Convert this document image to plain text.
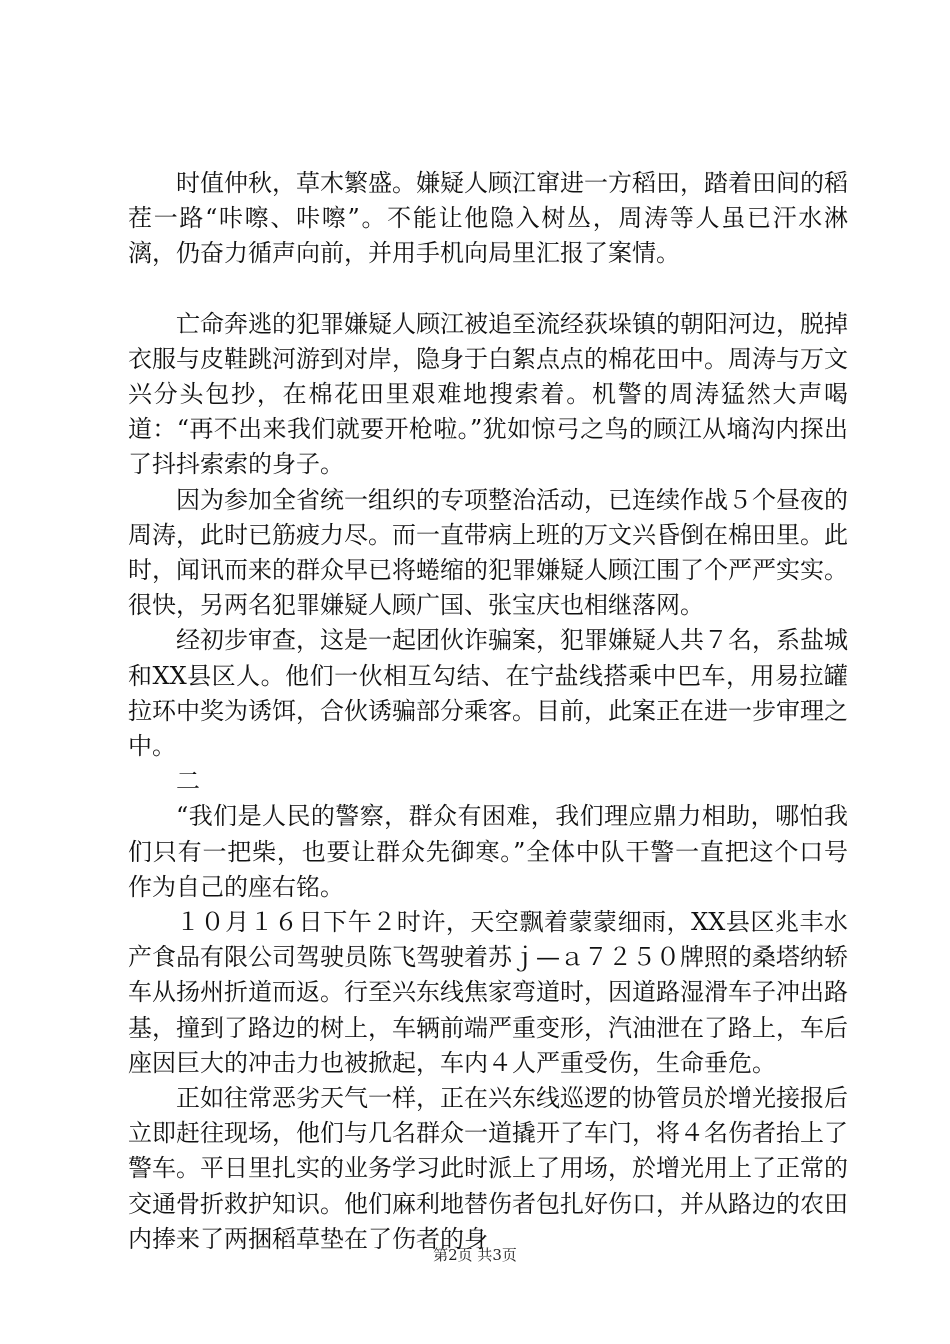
时值仲秋，草木繁盛。嫌疑人顾江窜进一方稻田，踏着田间的稻茬一路“咔嚓、咔嚓”。不能让他隐入树丛，周涛等人虽已汗水淋漓，仍奋力循声向前，并用手机向局里汇报了案情。

亡命奔逃的犯罪嫌疑人顾江被追至流经荻垛镇的朝阳河边，脱掉衣服与皮鞋跳河游到对岸，隐身于白絮点点的棉花田中。周涛与万文兴分头包抄，在棉花田里艰难地搜索着。机警的周涛猛然大声喝道：“再不出来我们就要开枪啦。”犹如惊弓之鸟的顾江从墒沟内探出了抖抖索索的身子。

因为参加全省统一组织的专项整治活动，已连续作战５个昼夜的周涛，此时已筋疲力尽。而一直带病上班的万文兴昏倒在棉田里。此时，闻讯而来的群众早已将蜷缩的犯罪嫌疑人顾江围了个严严实实。很快，另两名犯罪嫌疑人顾广国、张宝庆也相继落网。

经初步审查，这是一起团伙诈骗案，犯罪嫌疑人共７名，系盐城和XX县区人。他们一伙相互勾结、在宁盐线搭乘中巴车，用易拉罐拉环中奖为诱饵，合伙诱骗部分乘客。目前，此案正在进一步审理之中。

二

“我们是人民的警察，群众有困难，我们理应鼎力相助，哪怕我们只有一把柴，也要让群众先御寒。”全体中队干警一直把这个口号作为自己的座右铭。

１０月１６日下午２时许，天空飘着蒙蒙细雨，XX县区兆丰水产食品有限公司驾驶员陈飞驾驶着苏ｊ—ａ７２５０牌照的桑塔纳轿车从扬州折道而返。行至兴东线焦家弯道时，因道路湿滑车子冲出路基，撞到了路边的树上，车辆前端严重变形，汽油泄在了路上，车后座因巨大的冲击力也被掀起，车内４人严重受伤，生命垂危。

正如往常恶劣天气一样，正在兴东线巡逻的协管员於增光接报后立即赶往现场，他们与几名群众一道撬开了车门，将４名伤者抬上了警车。平日里扎实的业务学习此时派上了用场，於增光用上了正常的交通骨折救护知识。他们麻利地替伤者包扎好伤口，并从路边的农田内捧来了两捆稻草垫在了伤者的身

第2页 共3页
